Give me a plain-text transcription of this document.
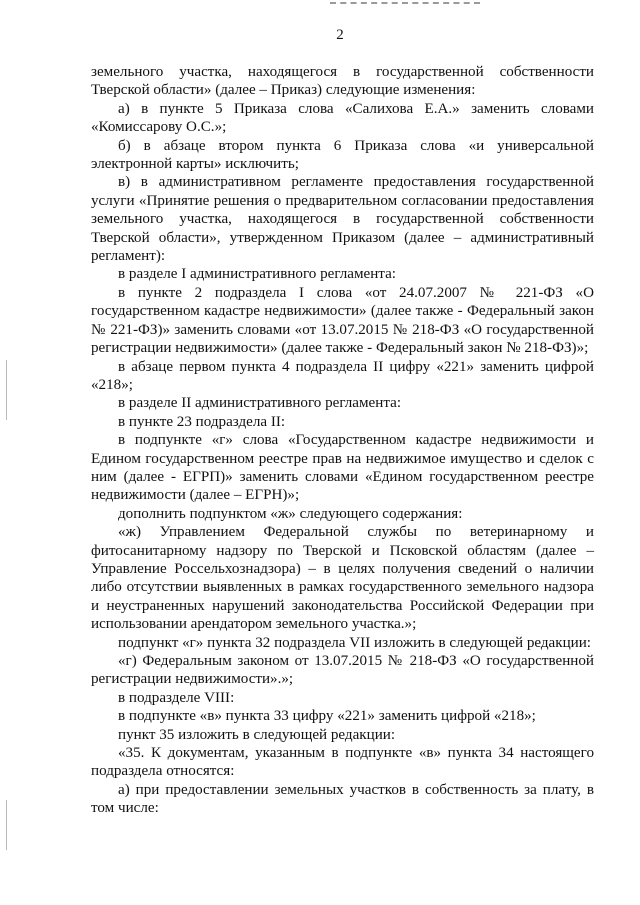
2

земельного участка, находящегося в государственной собственности Тверской области» (далее – Приказ) следующие изменения:

а) в пункте 5 Приказа слова «Салихова Е.А.» заменить словами «Комиссарову О.С.»;

б) в абзаце втором пункта 6 Приказа слова «и универсальной электронной карты» исключить;

в) в административном регламенте предоставления государственной услуги «Принятие решения о предварительном согласовании предоставления земельного участка, находящегося в государственной собственности Тверской области», утвержденном Приказом (далее – административный регламент):

в разделе I административного регламента:

в пункте 2 подраздела I слова «от 24.07.2007 № 221-ФЗ «О государственном кадастре недвижимости» (далее также - Федеральный закон № 221-ФЗ)» заменить словами «от 13.07.2015 № 218-ФЗ «О государственной регистрации недвижимости» (далее также - Федеральный закон № 218-ФЗ)»;

в абзаце первом пункта 4 подраздела II цифру «221» заменить цифрой «218»;

в разделе II административного регламента:

в пункте 23 подраздела II:

в подпункте «г» слова «Государственном кадастре недвижимости и Едином государственном реестре прав на недвижимое имущество и сделок с ним (далее - ЕГРП)» заменить словами «Едином государственном реестре недвижимости (далее – ЕГРН)»;

дополнить подпунктом «ж» следующего содержания:

«ж) Управлением Федеральной службы по ветеринарному и фитосанитарному надзору по Тверской и Псковской областям (далее – Управление Россельхознадзора) – в целях получения сведений о наличии либо отсутствии выявленных в рамках государственного земельного надзора и неустраненных нарушений законодательства Российской Федерации при использовании арендатором земельного участка.»;

подпункт «г» пункта 32 подраздела VII изложить в следующей редакции:

«г) Федеральным законом от 13.07.2015 № 218-ФЗ «О государственной регистрации недвижимости».»;

в подразделе VIII:

в подпункте «в» пункта 33 цифру «221» заменить цифрой «218»;

пункт 35 изложить в следующей редакции:

«35. К документам, указанным в подпункте «в» пункта 34 настоящего подраздела относятся:

а) при предоставлении земельных участков в собственность за плату, в том числе:
